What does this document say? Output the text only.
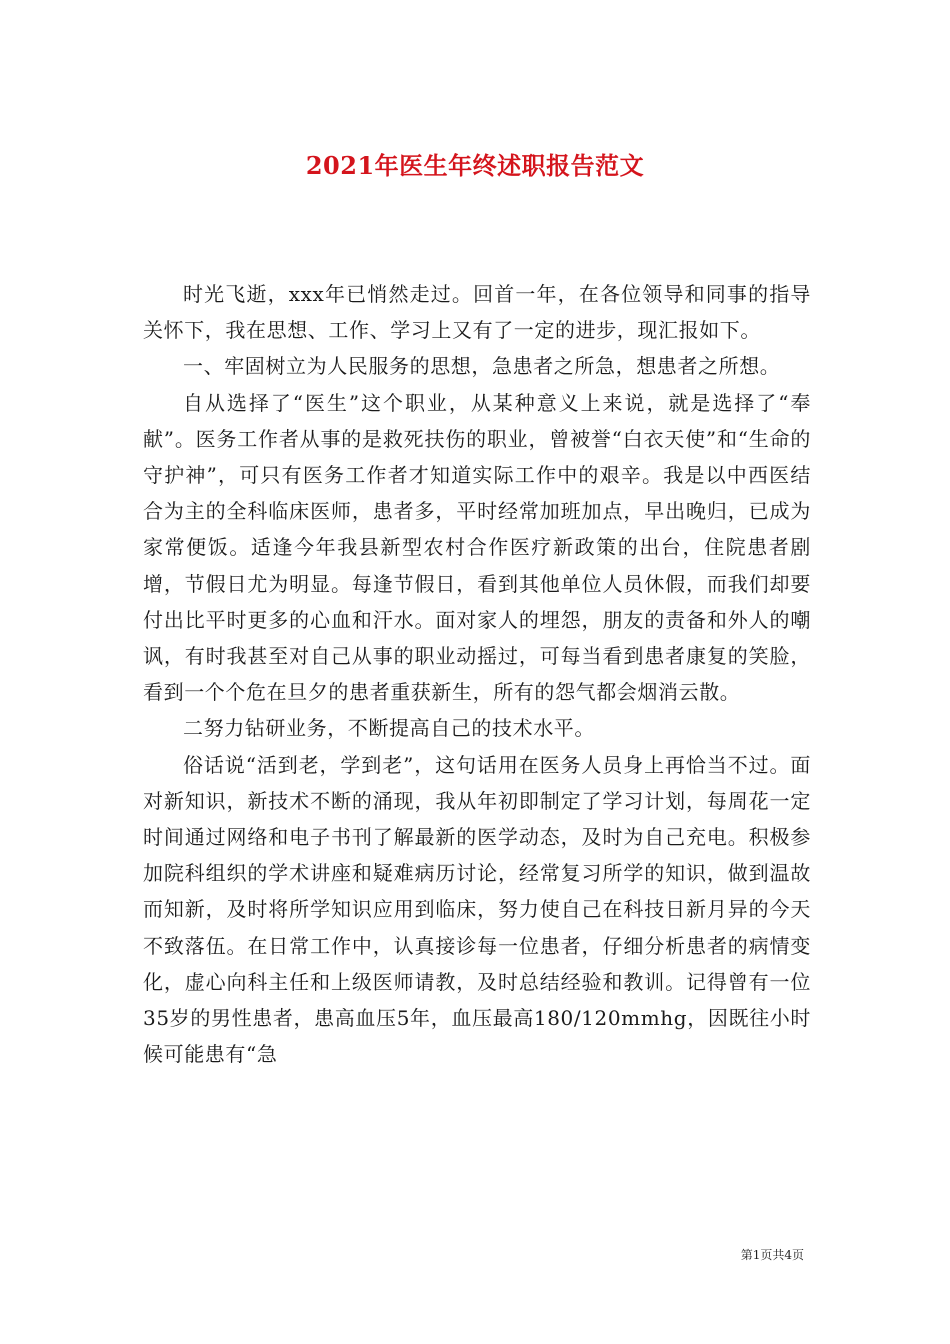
2021年医生年终述职报告范文

时光飞逝，xxx年已悄然走过。回首一年，在各位领导和同事的指导关怀下，我在思想、工作、学习上又有了一定的进步，现汇报如下。

一、牢固树立为人民服务的思想，急患者之所急，想患者之所想。

自从选择了“医生”这个职业，从某种意义上来说，就是选择了“奉献”。医务工作者从事的是救死扶伤的职业，曾被誉“白衣天使”和“生命的守护神”，可只有医务工作者才知道实际工作中的艰辛。我是以中西医结合为主的全科临床医师，患者多，平时经常加班加点，早出晚归，已成为家常便饭。适逢今年我县新型农村合作医疗新政策的出台，住院患者剧增，节假日尤为明显。每逢节假日，看到其他单位人员休假，而我们却要付出比平时更多的心血和汗水。面对家人的埋怨，朋友的责备和外人的嘲讽，有时我甚至对自己从事的职业动摇过，可每当看到患者康复的笑脸，看到一个个危在旦夕的患者重获新生，所有的怨气都会烟消云散。

二努力钻研业务，不断提高自己的技术水平。

俗话说“活到老，学到老”，这句话用在医务人员身上再恰当不过。面对新知识，新技术不断的涌现，我从年初即制定了学习计划，每周花一定时间通过网络和电子书刊了解最新的医学动态，及时为自己充电。积极参加院科组织的学术讲座和疑难病历讨论，经常复习所学的知识，做到温故而知新，及时将所学知识应用到临床，努力使自己在科技日新月异的今天不致落伍。在日常工作中，认真接诊每一位患者，仔细分析患者的病情变化，虚心向科主任和上级医师请教，及时总结经验和教训。记得曾有一位35岁的男性患者，患高血压5年，血压最高180/120mmhg，因既往小时候可能患有“急

第1页共4页
